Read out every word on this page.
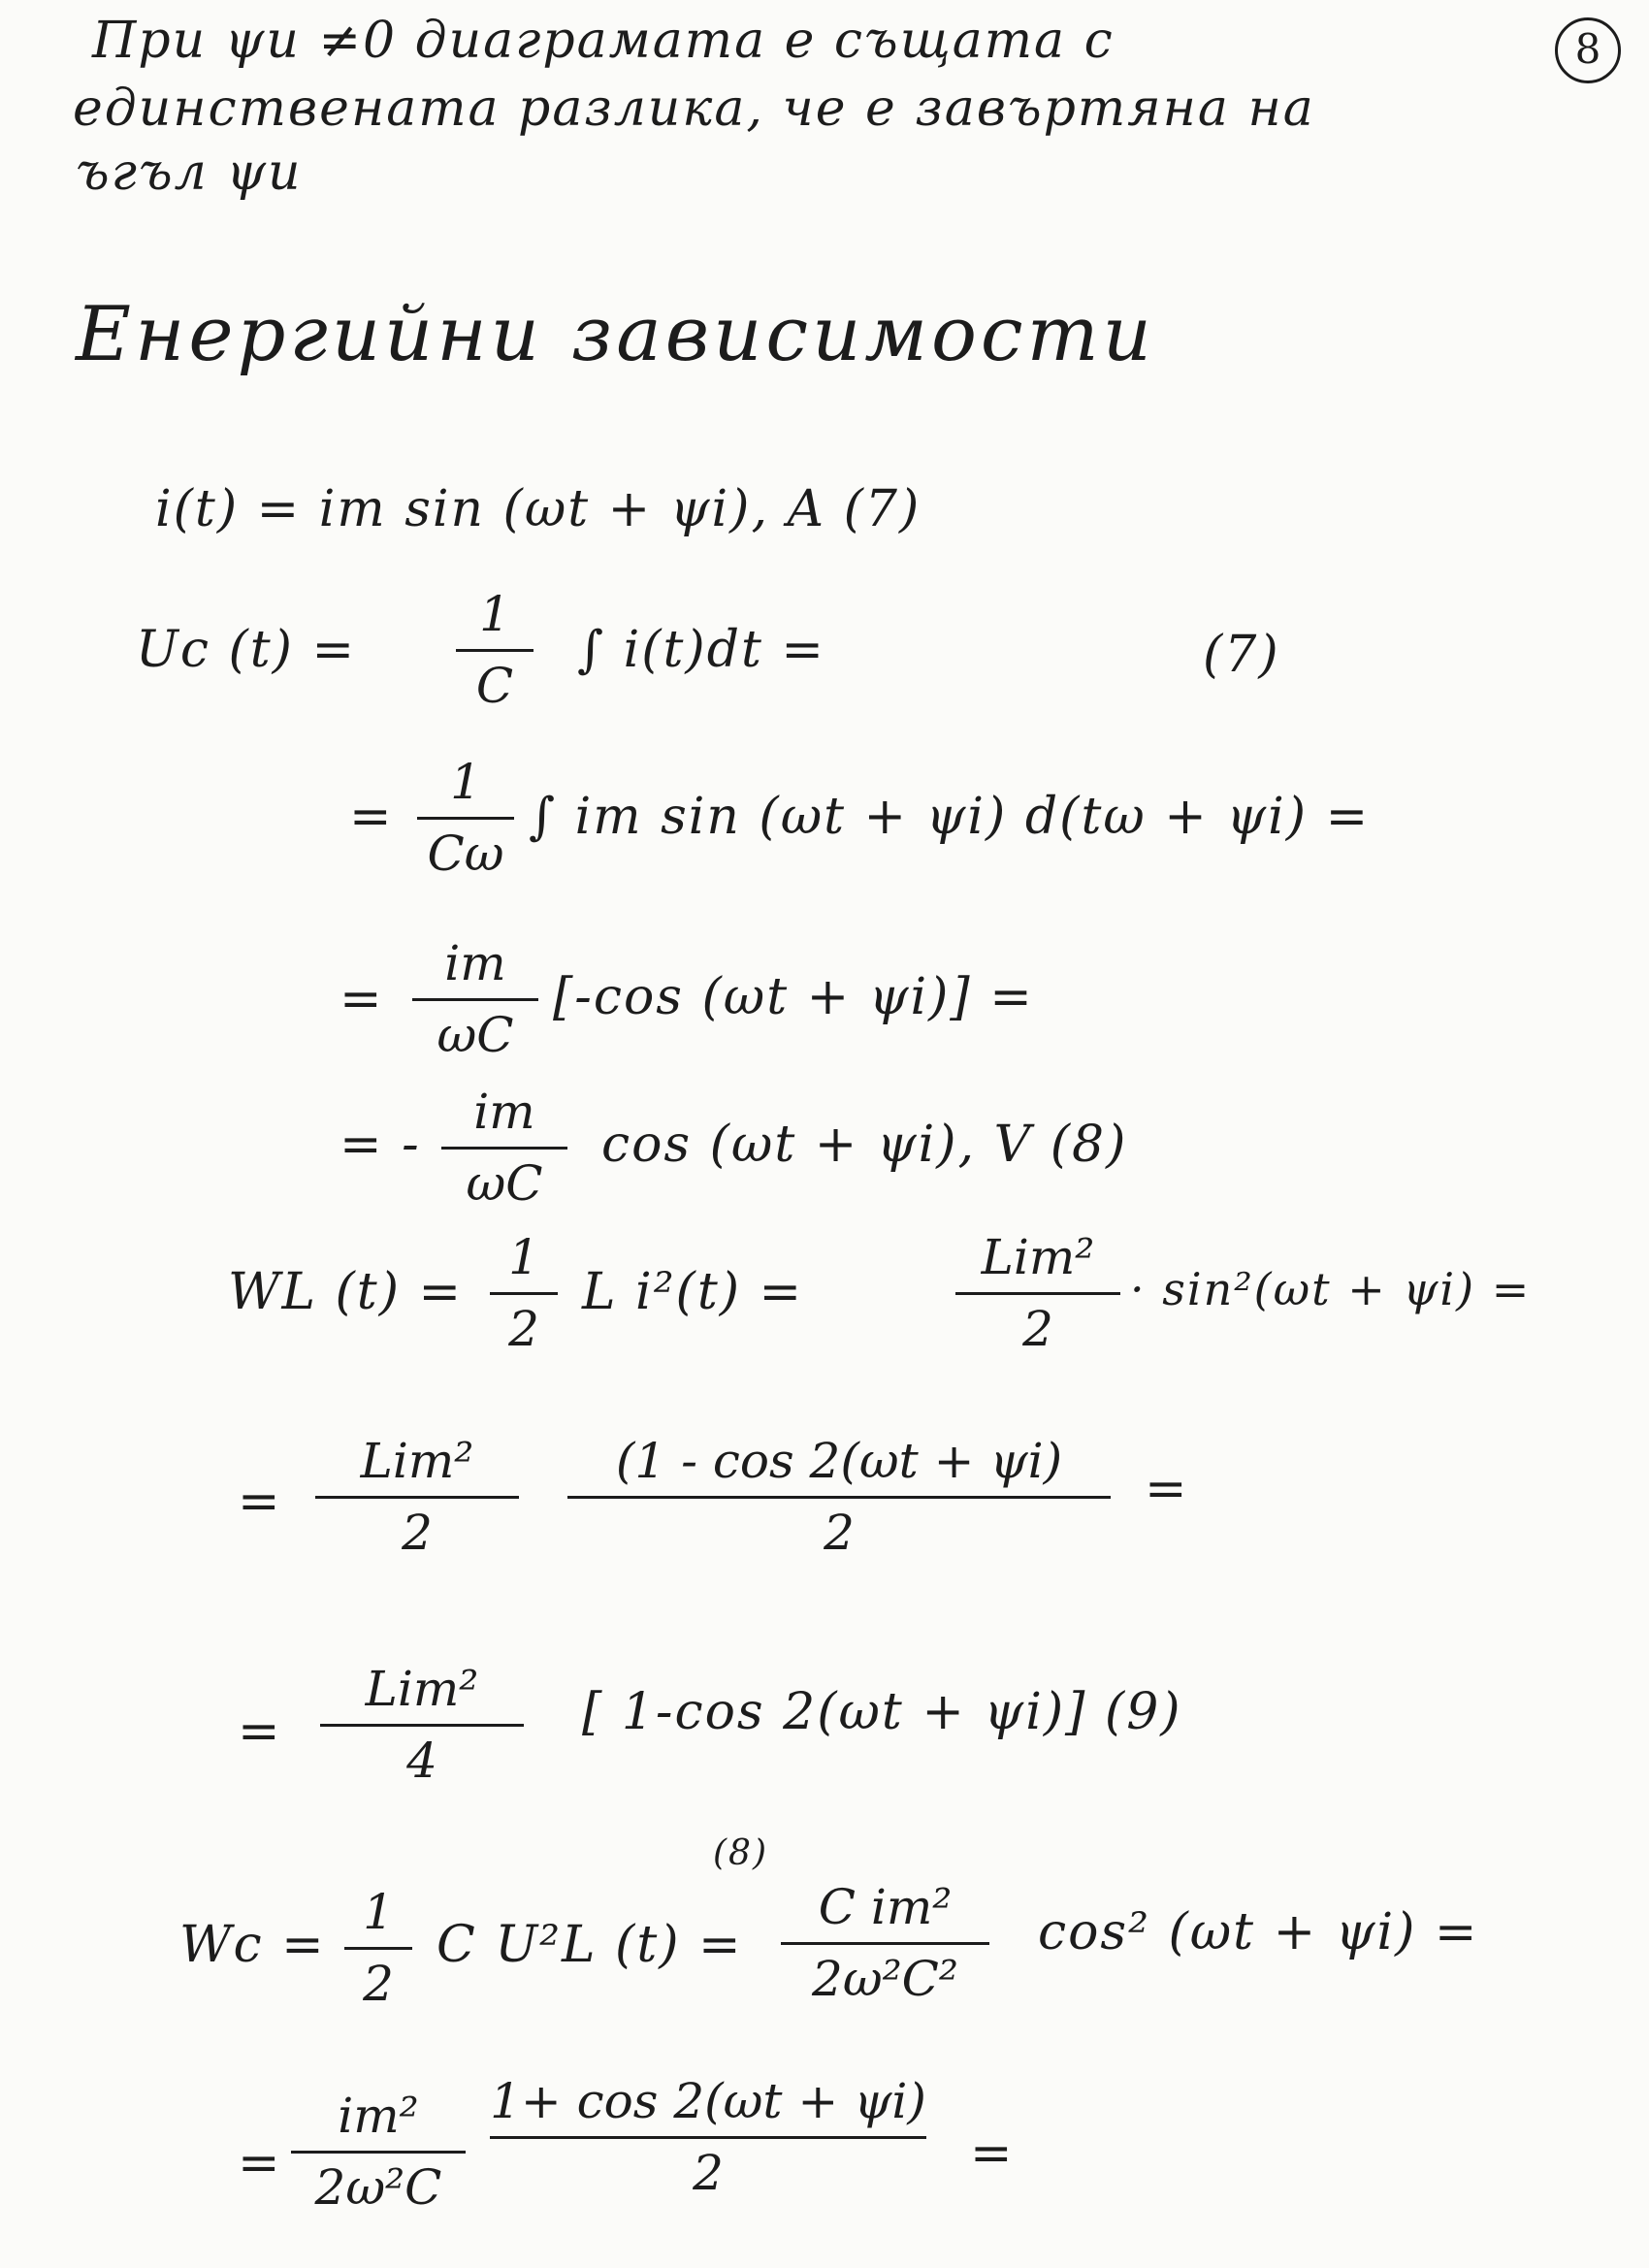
8
При ψи ≠0 диаграмата е същата с
единствената разлика, че е завъртяна на
ъгъл ψи
Енергийни зависимости
i(t) = im sin (ωt + ψi), A (7)
Uc (t) =
1
C
∫ i(t)dt =	(7)
=
1
Cω
∫ im sin (ωt + ψi) d(tω + ψi) =
=
im
ωC
[-cos (ωt + ψi)] =
= -
im
ωC
cos (ωt + ψi), V (8)
WL (t) =
1
2
L i²(t) =
Lim²
2
· sin²(ωt + ψi) =
=
Lim²
2
(1 - cos 2(ωt + ψi)
2
=
=
Lim²
4
[ 1-cos 2(ωt + ψi)] (9)
Wc =
1
2
C U²L (t) =
(8)
C im²
2ω²C²
cos² (ωt + ψi) =
=
im²
2ω²C
1+ cos 2(ωt + ψi)
2	=
